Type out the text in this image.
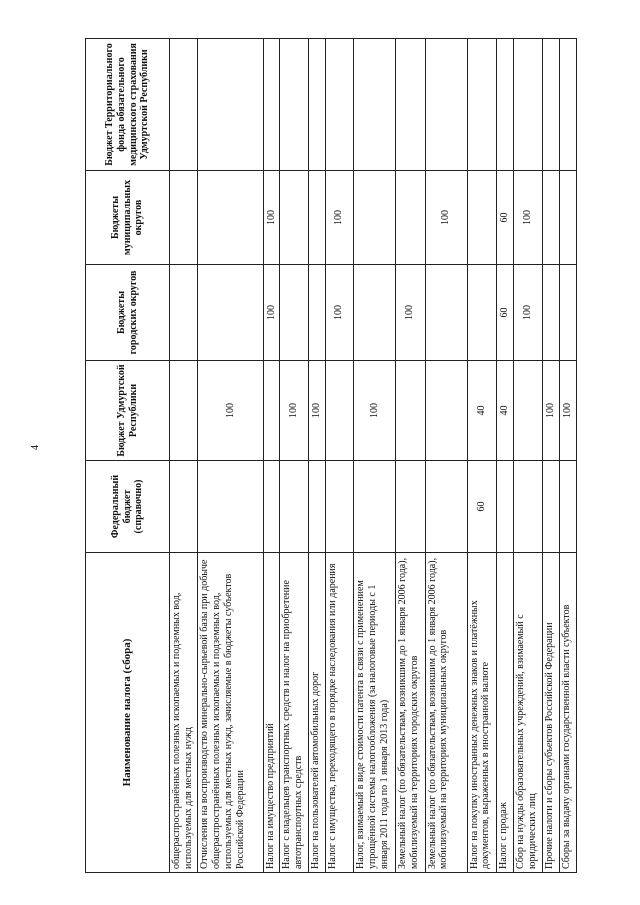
4
Наименование налога (сбора)	Федеральный бюджет (справочно)	Бюджет Удмуртской Республики	Бюджеты городских округов	Бюджеты муниципальных округов	Бюджет Территориального фонда обязательного медицинского страхования Удмуртской Республики
общераспространённых полезных ископаемых и подземных вод, используемых для местных нужд					
Отчисления на воспроизводство минерально-сырьевой базы при добыче общераспространённых полезных ископаемых и подземных вод, используемых для местных нужд, зачисляемые в бюджеты субъектов Российской Федерации		100			
Налог на имущество предприятий			100	100	
Налог с владельцев транспортных средств и налог на приобретение автотранспортных средств		100			
Налог на пользователей автомобильных дорог		100			
Налог с имущества, переходящего в порядке наследования или дарения			100	100	
Налог, взимаемый в виде стоимости патента в связи с применением упрощённой системы налогообложения (за налоговые периоды с 1 января 2011 года по 1 января 2013 года)		100			
Земельный налог (по обязательствам, возникшим до 1 января 2006 года), мобилизуемый на территориях городских округов			100		
Земельный налог (по обязательствам, возникшим до 1 января 2006 года), мобилизуемый на территориях муниципальных округов				100	
Налог на покупку иностранных денежных знаков и платёжных документов, выраженных в иностранной валюте	60	40			
Налог с продаж		40	60	60	
Сбор на нужды образовательных учреждений, взимаемый с юридических лиц			100	100	
Прочие налоги и сборы субъектов Российской Федерации		100			
Сборы за выдачу органами государственной власти субъектов		100			
